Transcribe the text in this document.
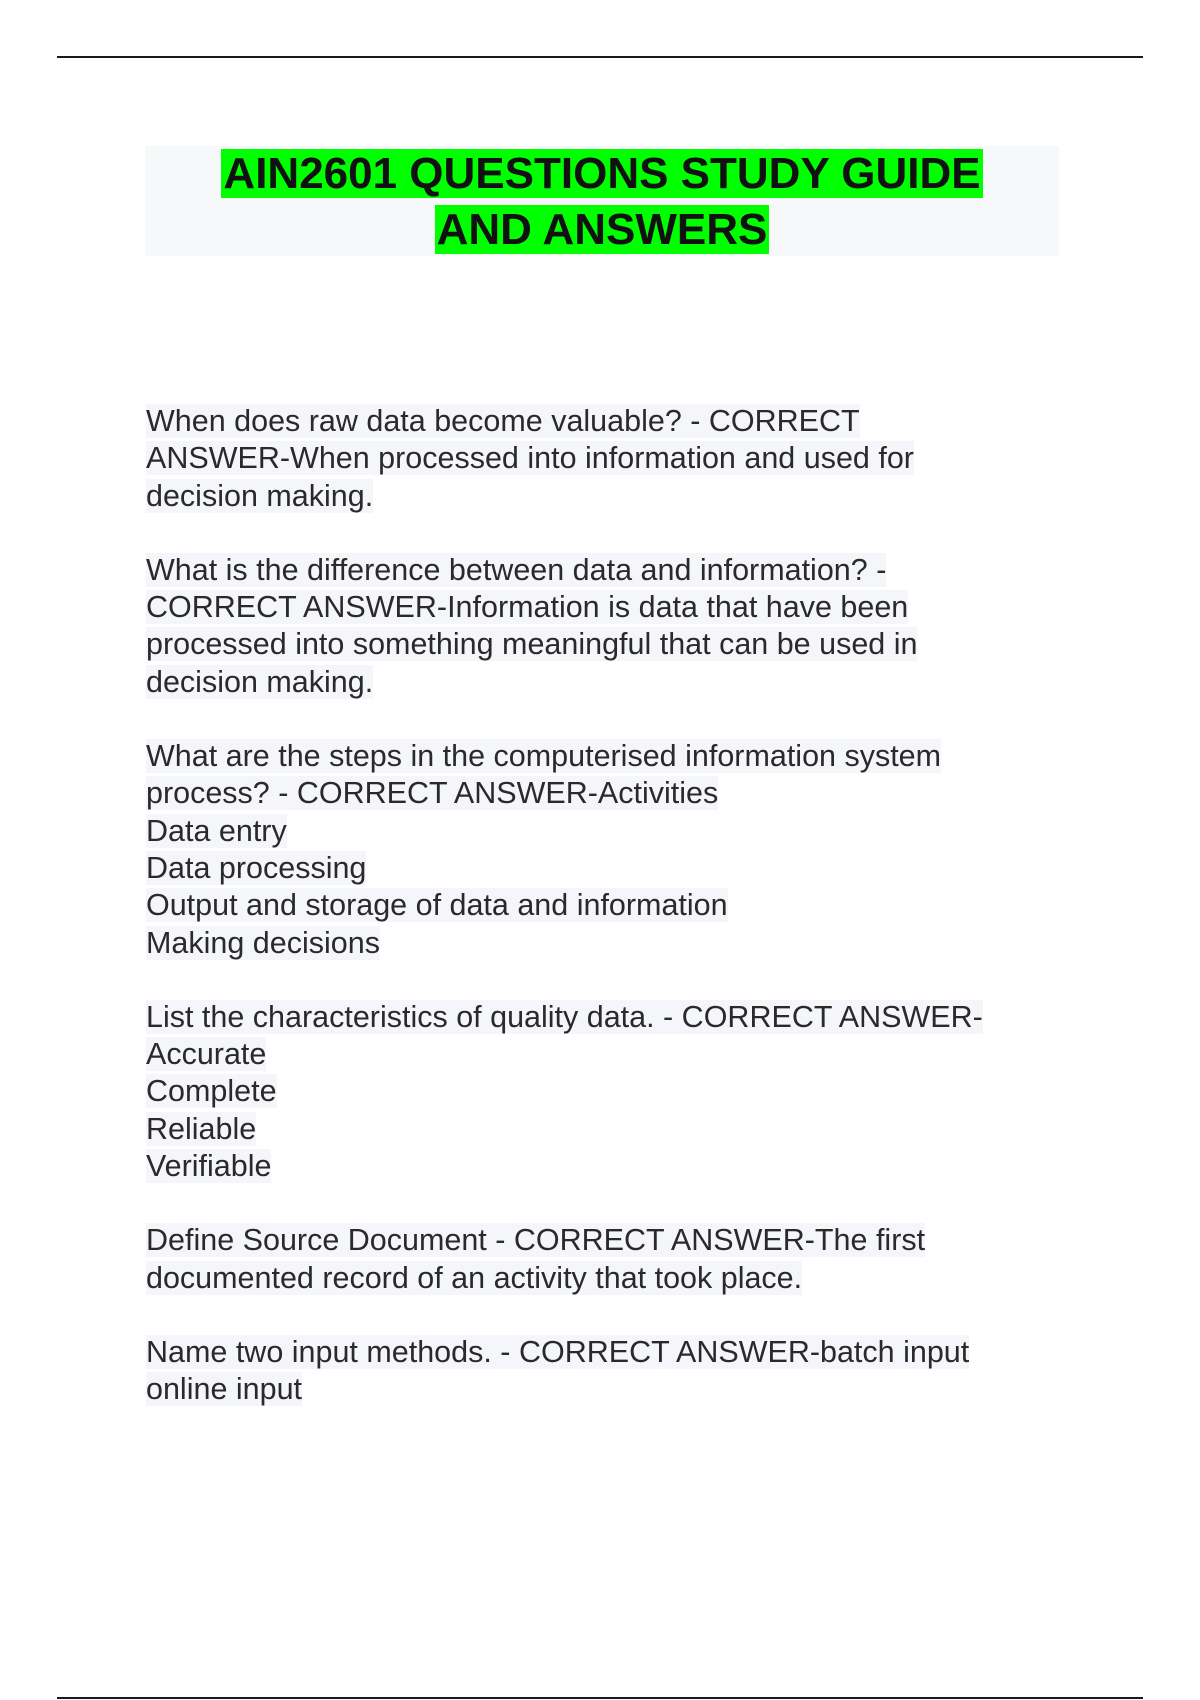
AIN2601 QUESTIONS STUDY GUIDE
AND ANSWERS
When does raw data become valuable? - CORRECT
ANSWER-When processed into information and used for
decision making.
What is the difference between data and information? -
CORRECT ANSWER-Information is data that have been
processed into something meaningful that can be used in
decision making.
What are the steps in the computerised information system
process? - CORRECT ANSWER-Activities
Data entry
Data processing
Output and storage of data and information
Making decisions
List the characteristics of quality data. - CORRECT ANSWER-
Accurate
Complete
Reliable
Verifiable
Define Source Document - CORRECT ANSWER-The first
documented record of an activity that took place.
Name two input methods. - CORRECT ANSWER-batch input
online input
